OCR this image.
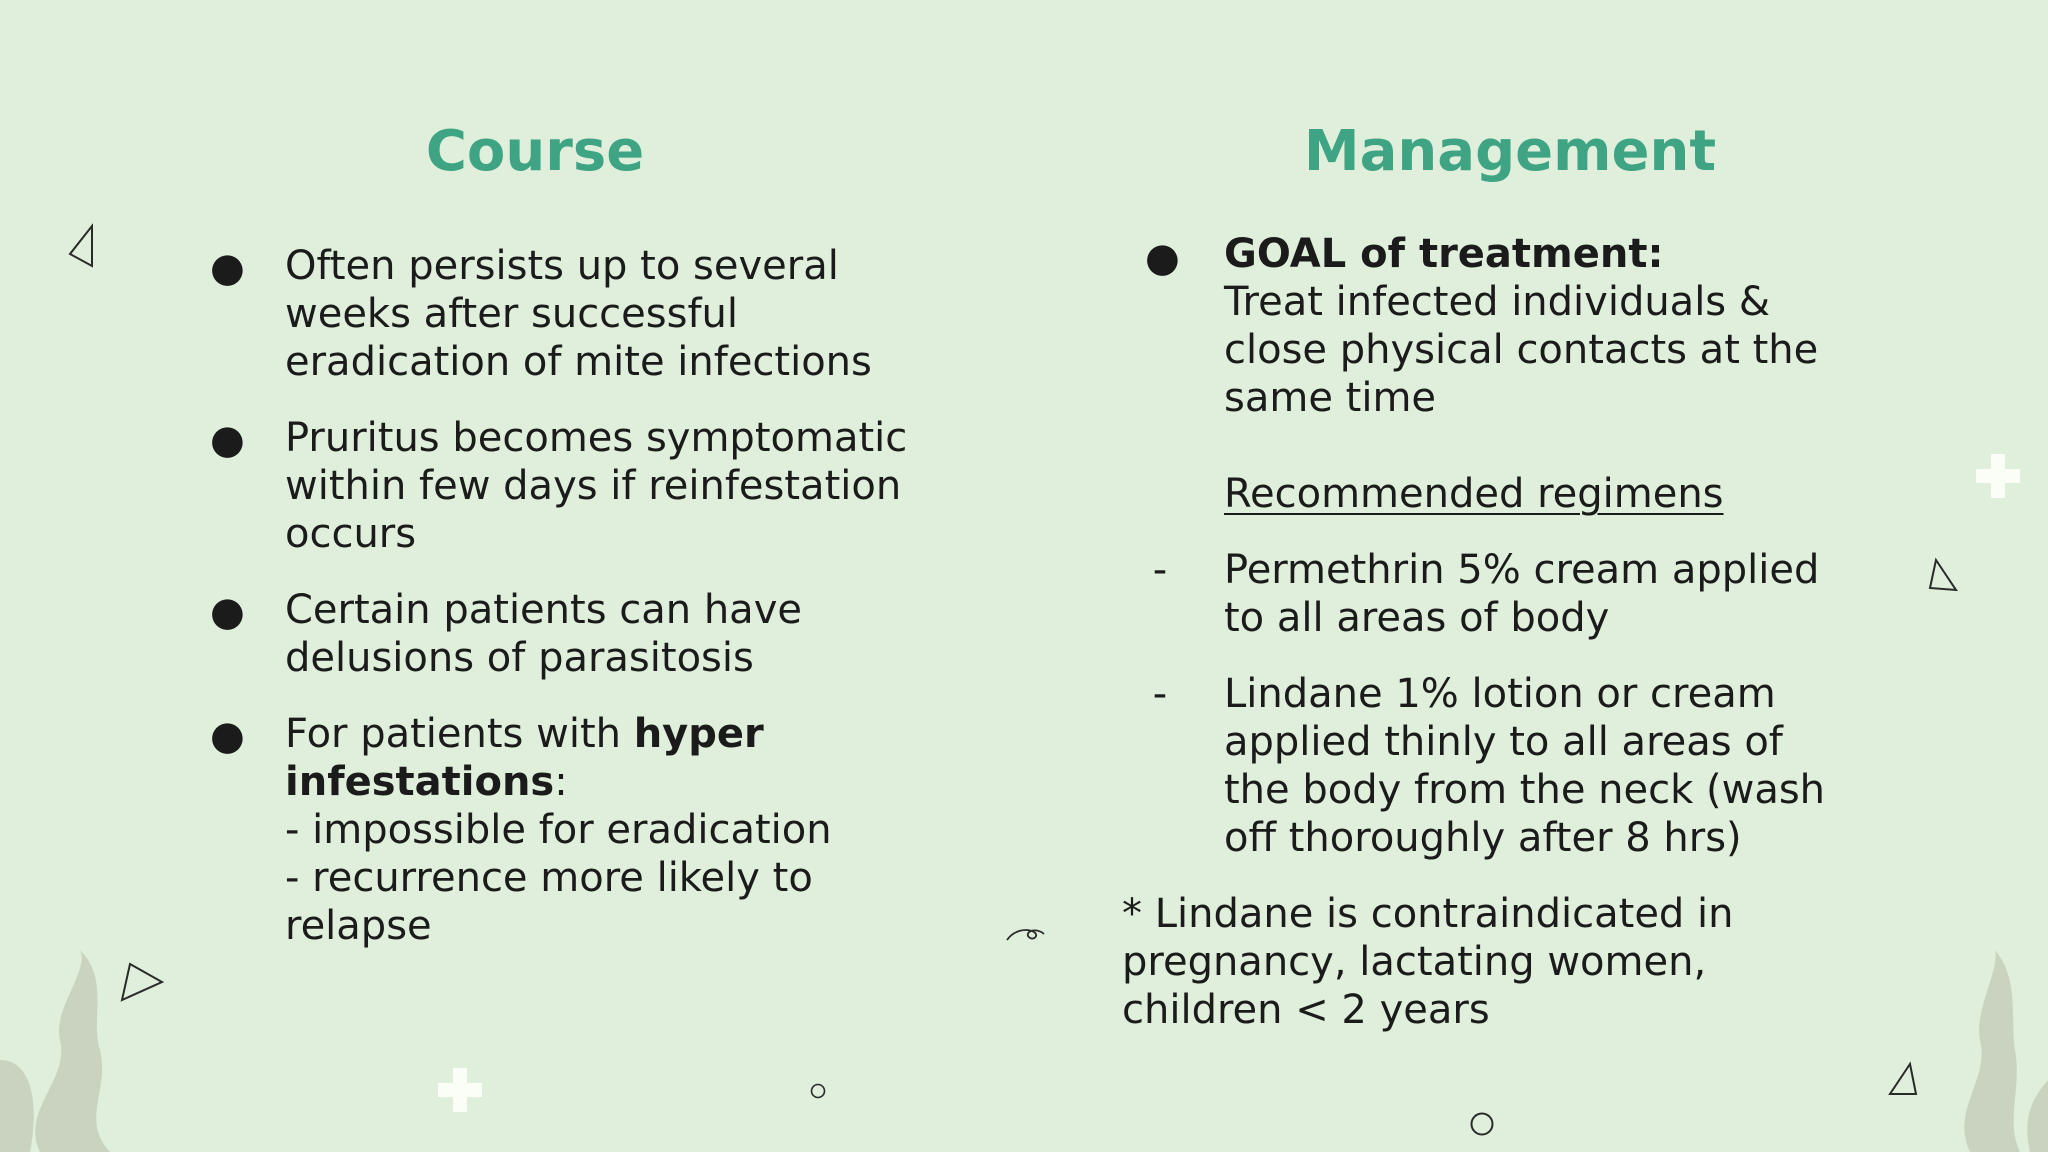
Course	Management
● Often persists up to several
weeks after successful
eradication of mite infections
● Pruritus becomes symptomatic
within few days if reinfestation
occurs
● Certain patients can have
delusions of parasitosis
● For patients with hyper
infestations:
- impossible for eradication
- recurrence more likely to
relapse
● GOAL of treatment:
Treat infected individuals &
close physical contacts at the
same time
Recommended regimens
- Permethrin 5% cream applied
to all areas of body
- Lindane 1% lotion or cream
applied thinly to all areas of
the body from the neck (wash
off thoroughly after 8 hrs)
* Lindane is contraindicated in
pregnancy, lactating women,
children < 2 years
